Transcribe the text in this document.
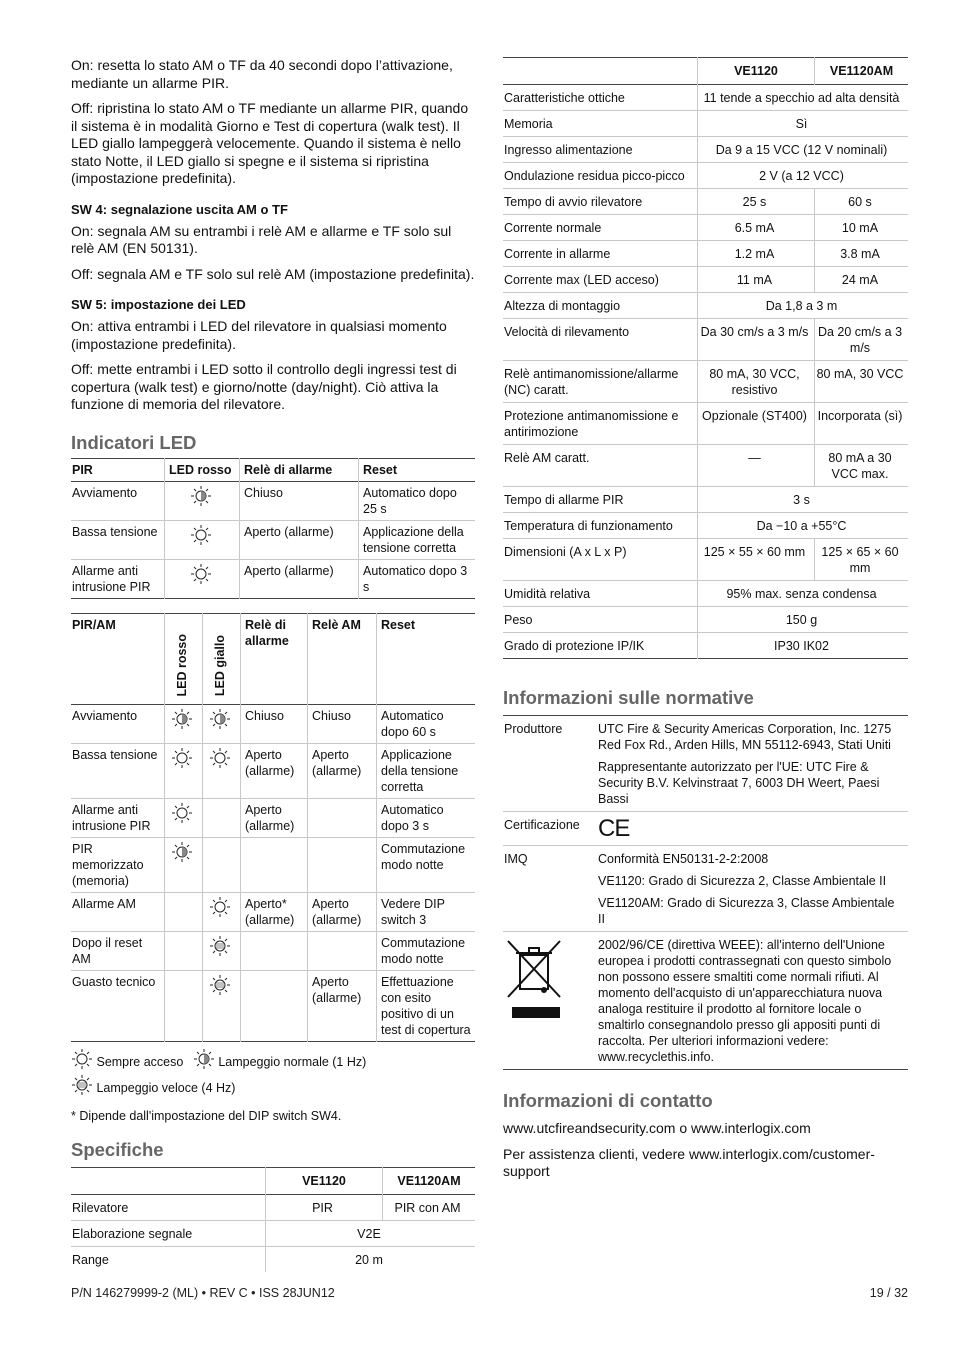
On: resetta lo stato AM o TF da 40 secondi dopo l’attivazione, mediante un allarme PIR.

Off: ripristina lo stato AM o TF mediante un allarme PIR, quando il sistema è in modalità Giorno e Test di copertura (walk test). Il LED giallo lampeggerà velocemente. Quando il sistema è nello stato Notte, il LED giallo si spegne e il sistema si ripristina (impostazione predefinita).

SW 4: segnalazione uscita AM o TF

On: segnala AM su entrambi i relè AM e allarme e TF solo sul relè AM (EN 50131).

Off: segnala AM e TF solo sul relè AM (impostazione predefinita).

SW 5: impostazione dei LED

On: attiva entrambi i LED del rilevatore in qualsiasi momento (impostazione predefinita).

Off: mette entrambi i LED sotto il controllo degli ingressi test di copertura (walk test) e giorno/notte (day/night). Ciò attiva la funzione di memoria del rilevatore.

Indicatori LED
PIR	LED rosso	Relè di allarme	Reset
Avviamento		Chiuso	Automatico dopo 25 s
Bassa tensione		Aperto (allarme)	Applicazione della tensione corretta
Allarme anti intrusione PIR		Aperto (allarme)	Automatico dopo 3 s
PIR/AM	LED rosso	LED giallo	Relè di allarme	Relè AM	Reset
Avviamento			Chiuso	Chiuso	Automatico dopo 60 s
Bassa tensione			Aperto (allarme)	Aperto (allarme)	Applicazione della tensione corretta
Allarme anti intrusione PIR			Aperto (allarme)		Automatico dopo 3 s
PIR memorizzato (memoria)					Commutazione modo notte
Allarme AM			Aperto* (allarme)	Aperto (allarme)	Vedere DIP switch 3
Dopo il reset AM					Commutazione modo notte
Guasto tecnico				Aperto (allarme)	Effettuazione con esito positivo di un test di copertura
Sempre acceso	Lampeggio normale (1 Hz)
Lampeggio veloce (4 Hz)

* Dipende dall'impostazione del DIP switch SW4.

Specifiche
	VE1120	VE1120AM
Rilevatore	PIR	PIR con AM
Elaborazione segnale	V2E	
Range	20 m	
	VE1120	VE1120AM
Caratteristiche ottiche	11 tende a specchio ad alta densità	
Memoria	Sì	
Ingresso alimentazione	Da 9 a 15 VCC (12 V nominali)	
Ondulazione residua picco-picco	2 V (a 12 VCC)	
Tempo di avvio rilevatore	25 s	60 s
Corrente normale	6.5 mA	10 mA
Corrente in allarme	1.2 mA	3.8 mA
Corrente max (LED acceso)	11 mA	24 mA
Altezza di montaggio	Da 1,8 a 3 m	
Velocità di rilevamento	Da 30 cm/s a 3 m/s	Da 20 cm/s a 3 m/s
Relè antimanomissione/allarme (NC) caratt.	80 mA, 30 VCC, resistivo	80 mA, 30 VCC
Protezione antimanomissione e antirimozione	Opzionale (ST400)	Incorporata (sì)
Relè AM caratt.	—	80 mA a 30 VCC max.
Tempo di allarme PIR	3 s	
Temperatura di funzionamento	Da −10 a +55°C	
Dimensioni (A x L x P)	125 × 55 × 60 mm	125 × 65 × 60 mm
Umidità relativa	95% max. senza condensa	
Peso	150 g	
Grado di protezione IP/IK	IP30 IK02	
Informazioni sulle normative
Produttore	UTC Fire & Security Americas Corporation, Inc. 1275 Red Fox Rd., Arden Hills, MN 55112-6943, Stati Uniti
Rappresentante autorizzato per l'UE: UTC Fire & Security B.V. Kelvinstraat 7, 6003 DH Weert, Paesi Bassi

Certificazione	CE
IMQ	Conformità EN50131-2-2:2008
VE1120: Grado di Sicurezza 2, Classe Ambientale II
VE1120AM: Grado di Sicurezza 3, Classe Ambientale II

	2002/96/CE (direttiva WEEE): all'interno dell'Unione europea i prodotti contrassegnati con questo simbolo non possono essere smaltiti come normali rifiuti. Al momento dell'acquisto di un'apparecchiatura nuova analoga restituire il prodotto al fornitore locale o smaltirlo consegnandolo presso gli appositi punti di raccolta. Per ulteriori informazioni vedere: www.recyclethis.info.
Informazioni di contatto

www.utcfireandsecurity.com o www.interlogix.com

Per assistenza clienti, vedere www.interlogix.com/customer-support

P/N 146279999-2 (ML) • REV C • ISS 28JUN12	19 / 32
